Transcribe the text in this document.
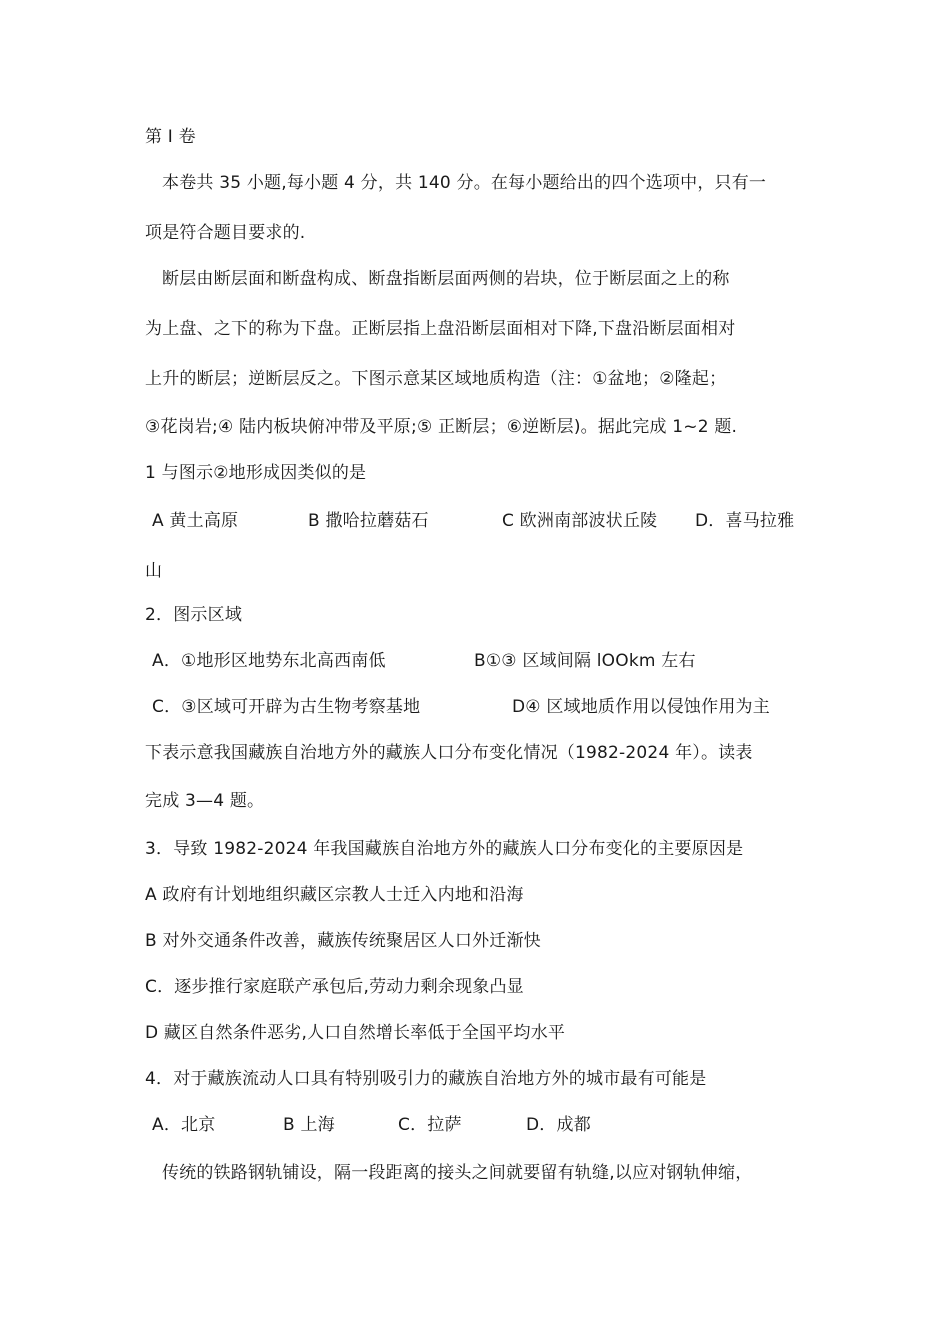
第 I 卷
本卷共 35 小题,每小题 4 分，共 140 分。在每小题给出的四个选项中，只有一
项是符合题目要求的.
断层由断层面和断盘构成、断盘指断层面两侧的岩块，位于断层面之上的称
为上盘、之下的称为下盘。正断层指上盘沿断层面相对下降,下盘沿断层面相对
上升的断层；逆断层反之。下图示意某区域地质构造（注：①盆地；②隆起；
③花岗岩;④ 陆内板块俯冲带及平原;⑤ 正断层；⑥逆断层)。据此完成 1~2 题.
1 与图示②地形成因类似的是
A 黄土高原	B 撒哈拉蘑菇石	C 欧洲南部波状丘陵 D．喜马拉雅
山
2．图示区域
A．①地形区地势东北高西南低	B①③ 区域间隔 lOOkm 左右
C．③区域可开辟为古生物考察基地	D④ 区域地质作用以侵蚀作用为主
下表示意我国藏族自治地方外的藏族人口分布变化情况（1982-2024 年）。读表
完成 3—4 题。
3．导致 1982-2024 年我国藏族自治地方外的藏族人口分布变化的主要原因是
A 政府有计划地组织藏区宗教人士迁入内地和沿海
B 对外交通条件改善，藏族传统聚居区人口外迁渐快
C．逐步推行家庭联产承包后,劳动力剩余现象凸显
D 藏区自然条件恶劣,人口自然增长率低于全国平均水平
4．对于藏族流动人口具有特别吸引力的藏族自治地方外的城市最有可能是
A．北京	B 上海	C．拉萨	D．成都
传统的铁路钢轨铺设，隔一段距离的接头之间就要留有轨缝,以应对钢轨伸缩，
